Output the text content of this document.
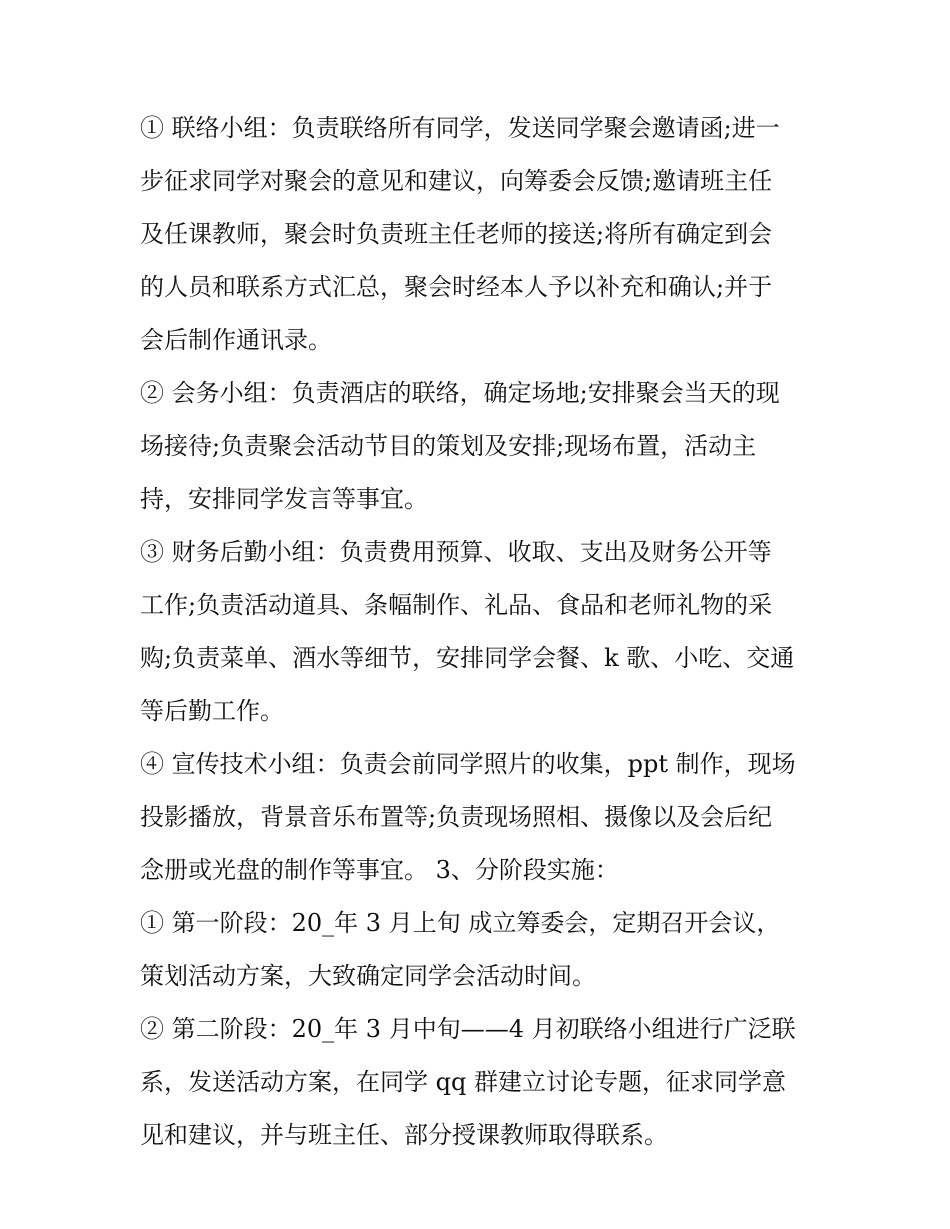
① 联络小组：负责联络所有同学，发送同学聚会邀请函;进一
步征求同学对聚会的意见和建议，向筹委会反馈;邀请班主任
及任课教师，聚会时负责班主任老师的接送;将所有确定到会
的人员和联系方式汇总，聚会时经本人予以补充和确认;并于
会后制作通讯录。
② 会务小组：负责酒店的联络，确定场地;安排聚会当天的现
场接待;负责聚会活动节目的策划及安排;现场布置，活动主
持，安排同学发言等事宜。
③ 财务后勤小组：负责费用预算、收取、支出及财务公开等
工作;负责活动道具、条幅制作、礼品、食品和老师礼物的采
购;负责菜单、酒水等细节，安排同学会餐、k 歌、小吃、交通
等后勤工作。
④ 宣传技术小组：负责会前同学照片的收集，ppt 制作，现场
投影播放，背景音乐布置等;负责现场照相、摄像以及会后纪
念册或光盘的制作等事宜。 3、分阶段实施：
① 第一阶段：20_年 3 月上旬 成立筹委会，定期召开会议，
策划活动方案，大致确定同学会活动时间。
② 第二阶段：20_年 3 月中旬——4 月初联络小组进行广泛联
系，发送活动方案，在同学 qq 群建立讨论专题，征求同学意
见和建议，并与班主任、部分授课教师取得联系。
